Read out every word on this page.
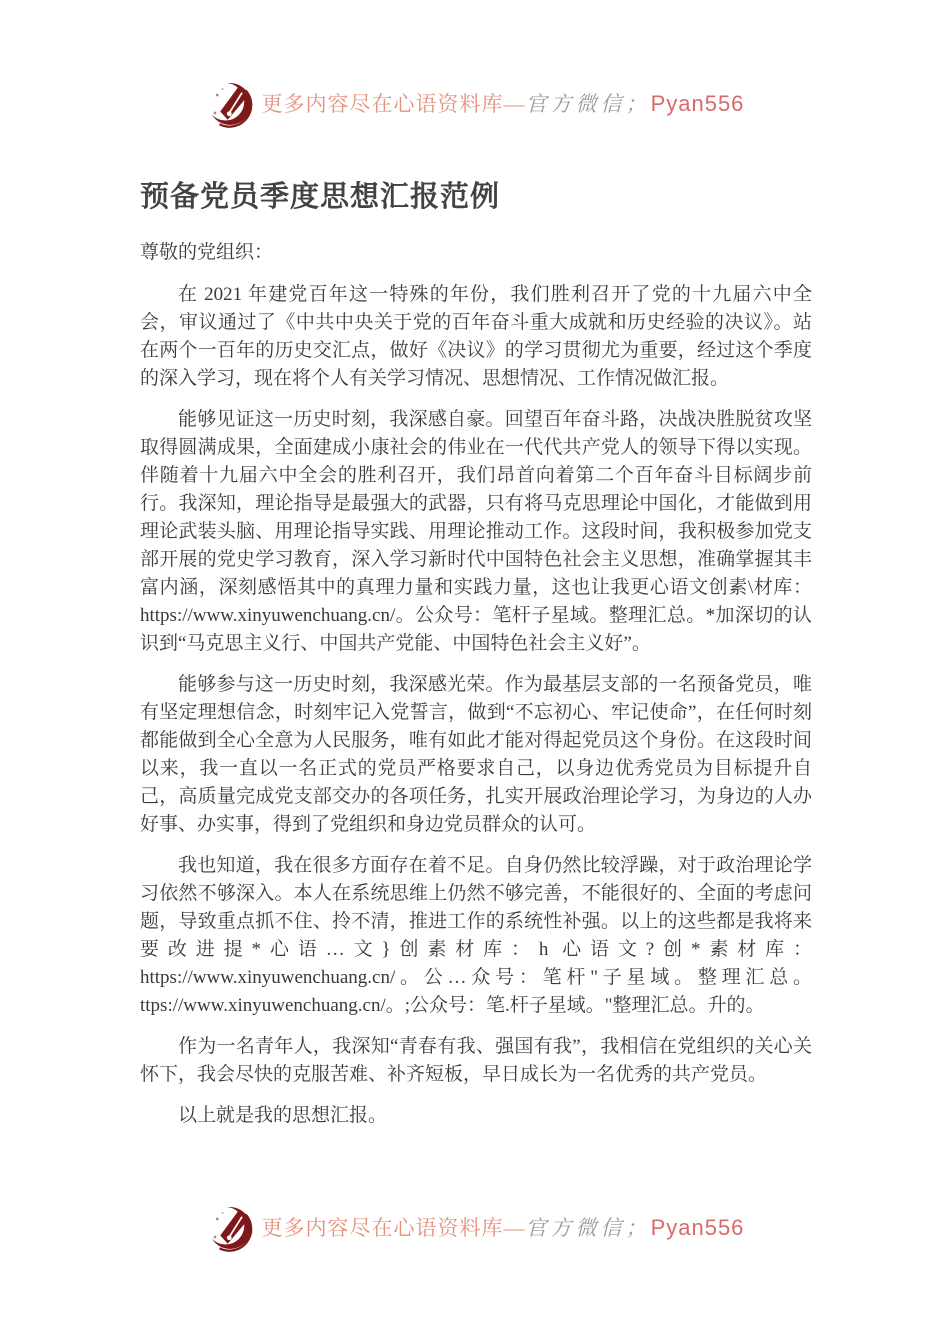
更多内容尽在心语资料库—官方微信；Pyan556
预备党员季度思想汇报范例

尊敬的党组织：

在 2021 年建党百年这一特殊的年份，我们胜利召开了党的十九届六中全会，审议通过了《中共中央关于党的百年奋斗重大成就和历史经验的决议》。站在两个一百年的历史交汇点，做好《决议》的学习贯彻尤为重要，经过这个季度的深入学习，现在将个人有关学习情况、思想情况、工作情况做汇报。

能够见证这一历史时刻，我深感自豪。回望百年奋斗路，决战决胜脱贫攻坚取得圆满成果，全面建成小康社会的伟业在一代代共产党人的领导下得以实现。伴随着十九届六中全会的胜利召开，我们昂首向着第二个百年奋斗目标阔步前行。我深知，理论指导是最强大的武器，只有将马克思理论中国化，才能做到用理论武装头脑、用理论指导实践、用理论推动工作。这段时间，我积极参加党支部开展的党史学习教育，深入学习新时代中国特色社会主义思想，准确掌握其丰富内涵，深刻感悟其中的真理力量和实践力量，这也让我更心语文创素\材库：https://www.xinyuwenchuang.cn/。公众号：笔杆子星域。整理汇总。*加深切的认识到“马克思主义行、中国共产党能、中国特色社会主义好”。

能够参与这一历史时刻，我深感光荣。作为最基层支部的一名预备党员，唯有坚定理想信念，时刻牢记入党誓言，做到“不忘初心、牢记使命”，在任何时刻都能做到全心全意为人民服务，唯有如此才能对得起党员这个身份。在这段时间以来，我一直以一名正式的党员严格要求自己，以身边优秀党员为目标提升自己，高质量完成党支部交办的各项任务，扎实开展政治理论学习，为身边的人办好事、办实事，得到了党组织和身边党员群众的认可。

我也知道，我在很多方面存在着不足。自身仍然比较浮躁，对于政治理论学习依然不够深入。本人在系统思维上仍然不够完善，不能很好的、全面的考虑问题，导致重点抓不住、拎不清，推进工作的系统性补强。以上的这些都是我将来要改进提*心语…文}创素材库：h 心语文?创*素材库：https://www.xinyuwenchuang.cn/。公…众号：笔杆"子星域。整理汇总。ttps://www.xinyuwenchuang.cn/。;公众号：笔.杆子星域。"整理汇总。升的。

作为一名青年人，我深知“青春有我、强国有我”，我相信在党组织的关心关怀下，我会尽快的克服苦难、补齐短板，早日成长为一名优秀的共产党员。

以上就是我的思想汇报。

更多内容尽在心语资料库—官方微信；Pyan556
